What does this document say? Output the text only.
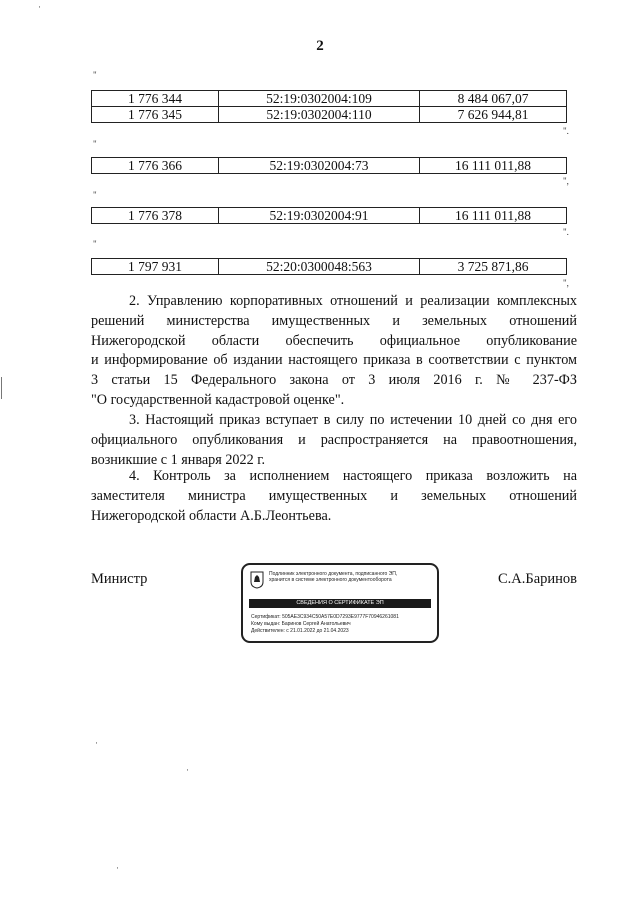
2
"
".
"
",
"
".
"
",
1 776 344	52:19:0302004:109	8 484 067,07
1 776 345	52:19:0302004:110	7 626 944,81
1 776 366	52:19:0302004:73	16 111 011,88
1 776 378	52:19:0302004:91	16 111 011,88
1 797 931	52:20:0300048:563	3 725 871,86
2. Управлению корпоративных отношений и реализации комплексных
решений министерства имущественных и земельных отношений
Нижегородской области обеспечить официальное опубликование
и информирование об издании настоящего приказа в соответствии с пунктом
3 статьи 15 Федерального закона от 3 июля 2016 г. № 237-ФЗ
"О государственной кадастровой оценке".
3. Настоящий приказ вступает в силу по истечении 10 дней со дня его
официального опубликования и распространяется на правоотношения,
возникшие с 1 января 2022 г.
4. Контроль за исполнением настоящего приказа возложить на
заместителя министра имущественных и земельных отношений
Нижегородской области А.Б.Леонтьева.
Министр	С.А.Баринов
Подлинник электронного документа, подписанного ЭП,
хранится в системе электронного документооборота
СВЕДЕНИЯ О СЕРТИФИКАТЕ ЭП
Сертификат: 505AE3C934C50A57E0D7293E9777F70946261081
Кому выдан: Баринов Сергей Анатольевич
Действителен: с 21.01.2022 до 21.04.2023
·
·
·
·
